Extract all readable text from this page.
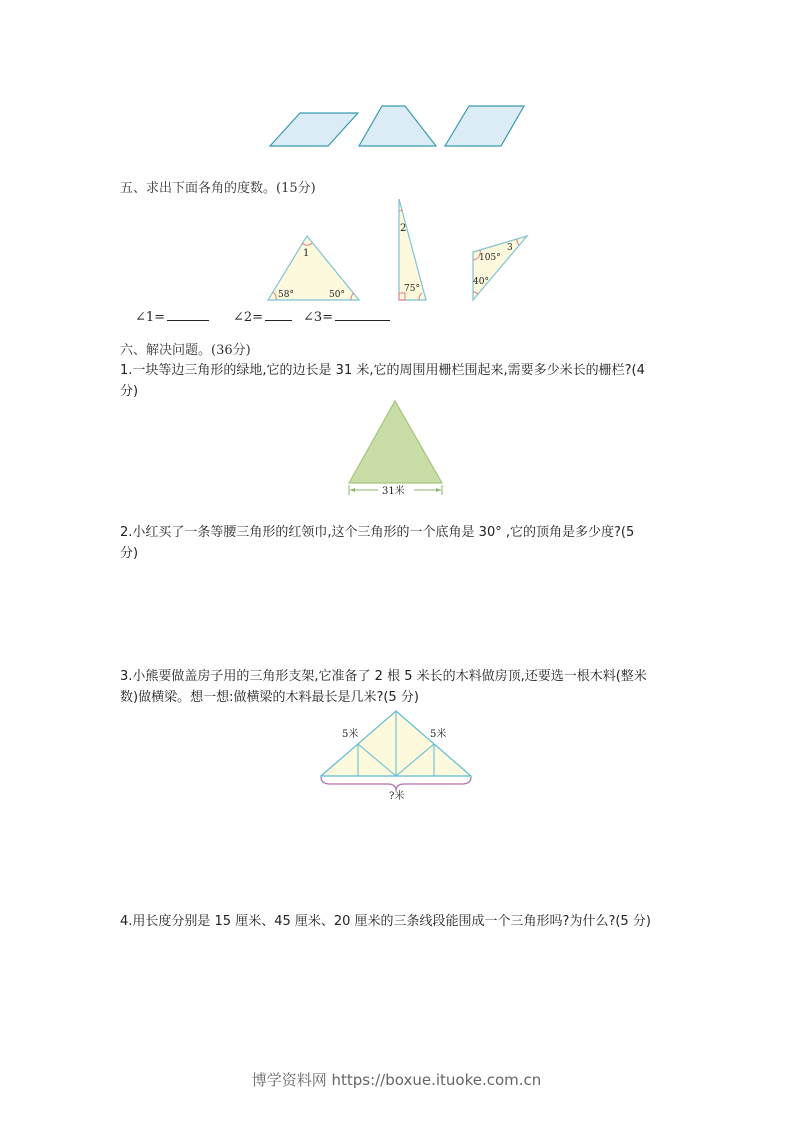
五、求出下面各角的度数。(15分)
1
58°	50°
2
75°
105°
3
40°
∠1=	∠2=	∠3=
六、解决问题。(36分)
1.一块等边三角形的绿地,它的边长是 31 米,它的周围用栅栏围起来,需要多少米长的栅栏?(4
分)
31米
2.小红买了一条等腰三角形的红领巾,这个三角形的一个底角是 30° ,它的顶角是多少度?(5
分)
3.小熊要做盖房子用的三角形支架,它准备了 2 根 5 米长的木料做房顶,还要选一根木料(整米
数)做横梁。想一想:做横梁的木料最长是几米?(5 分)
5米	5米
?米
4.用长度分别是 15 厘米、45 厘米、20 厘米的三条线段能围成一个三角形吗?为什么?(5 分)
博学资料网 https://boxue.ituoke.com.cn
